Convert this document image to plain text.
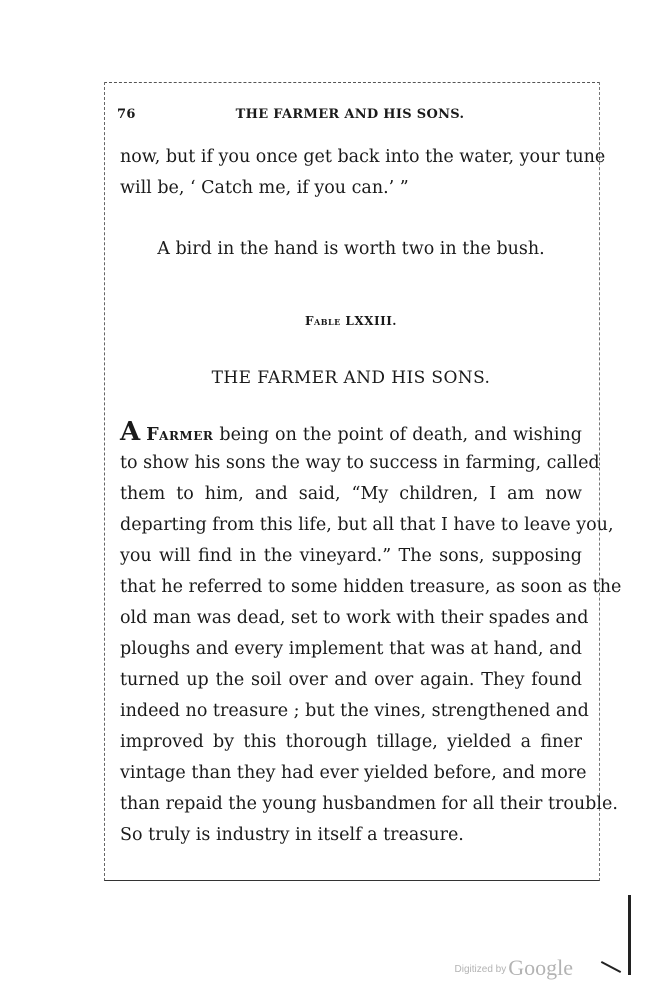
76	THE FARMER AND HIS SONS.
now, but if you once get back into the water, your tune
will be, ‘ Catch me, if you can.’ ”
A bird in the hand is worth two in the bush.
Fable LXXIII.
THE FARMER AND HIS SONS.
A Farmer being on the point of death, and wishing
to show his sons the way to success in farming, called
them to him, and said, “My children, I am now
departing from this life, but all that I have to leave you,
you will find in the vineyard.” The sons, supposing
that he referred to some hidden treasure, as soon as the
old man was dead, set to work with their spades and
ploughs and every implement that was at hand, and
turned up the soil over and over again. They found
indeed no treasure ; but the vines, strengthened and
improved by this thorough tillage, yielded a finer
vintage than they had ever yielded before, and more
than repaid the young husbandmen for all their trouble.
So truly is industry in itself a treasure.
Digitized byGoogle
